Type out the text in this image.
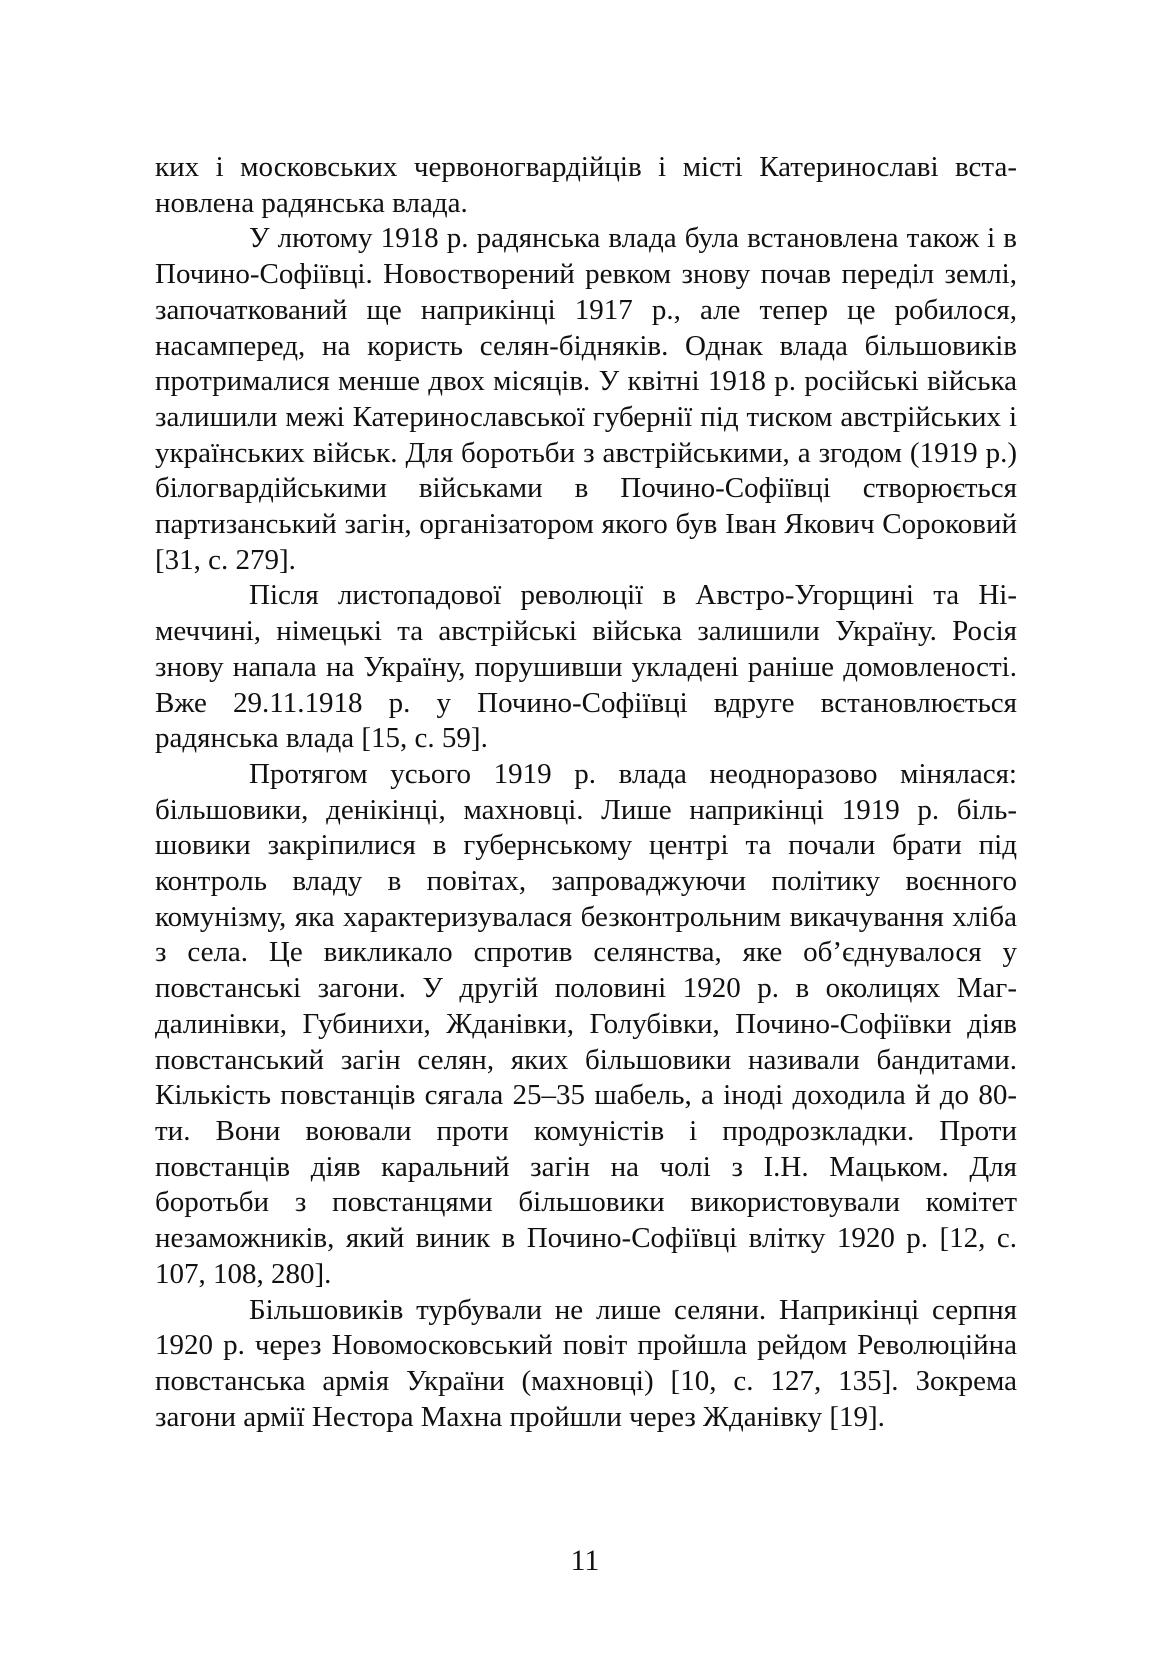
ких і московських червоногвардійців і місті Катеринославі встановлена радянська влада.

У лютому 1918 р. радянська влада була встановлена також і в Почино-Софіївці. Новостворений ревком знову почав переділ землі, започаткований ще наприкінці 1917 р., але тепер це робилося, насамперед, на користь селян-бідняків. Однак влада більшовиків протрималися менше двох місяців. У квітні 1918 р. російські війська залишили межі Катеринославської губернії під тиском австрійських і українських військ. Для боротьби з австрійськими, а згодом (1919 р.) білогвардійськими військами в Почино-Софіївці створюється партизанський загін, організатором якого був Іван Якович Сороковий [31, с. 279].

Після листопадової революції в Австро-Угорщині та Німеччині, німецькі та австрійські війська залишили Україну. Росія знову напала на Україну, порушивши укладені раніше домовленості. Вже 29.11.1918 р. у Почино-Софіївці вдруге встановлюється радянська влада [15, с. 59].

Протягом усього 1919 р. влада неодноразово мінялася: більшовики, денікінці, махновці. Лише наприкінці 1919 р. більшовики закріпилися в губернському центрі та почали брати під контроль владу в повітах, запроваджуючи політику воєнного комунізму, яка характеризувалася безконтрольним викачування хліба з села. Це викликало спротив селянства, яке об’єднувалося у повстанські загони. У другій половині 1920 р. в околицях Магдалинівки, Губинихи, Жданівки, Голубівки, Почино-Софіївки діяв повстанський загін селян, яких більшовики називали бандитами. Кількість повстанців сягала 25–35 шабель, а іноді доходила й до 80-ти. Вони воювали проти комуністів і продрозкладки. Проти повстанців діяв каральний загін на чолі з І.Н. Мацьком. Для боротьби з повстанцями більшовики використовували комітет незаможників, який виник в Почино-Софіївці влітку 1920 р. [12, с. 107, 108, 280].

Більшовиків турбували не лише селяни. Наприкінці серпня 1920 р. через Новомосковський повіт пройшла рейдом Революційна повстанська армія України (махновці) [10, с. 127, 135]. Зокрема загони армії Нестора Махна пройшли через Жданівку [19].

11
